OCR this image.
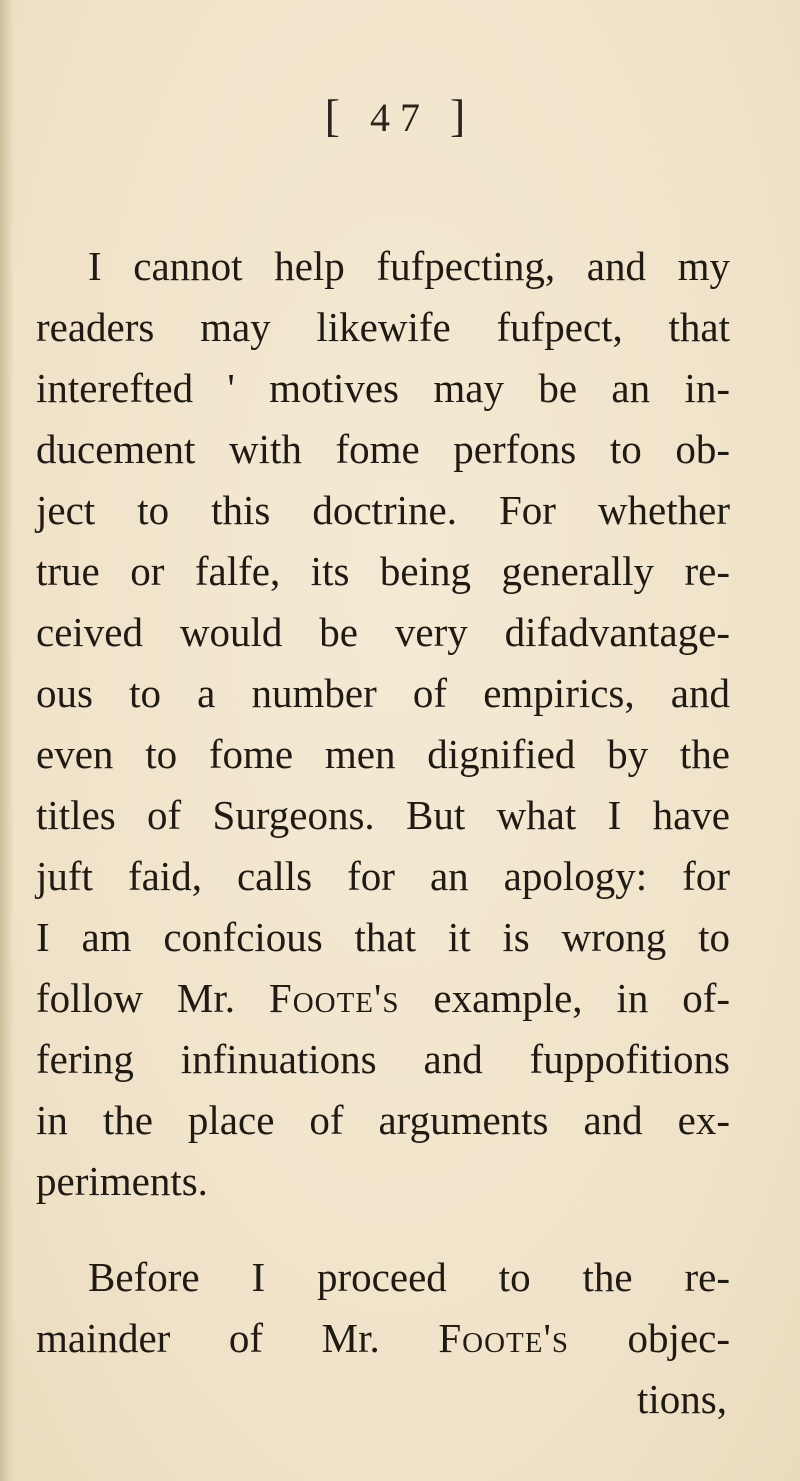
[ 47 ]
I cannot help fufpecting, and my
readers may likewife fufpect, that
interefted ' motives may be an in-
ducement with fome perfons to ob-
ject to this doctrine. For whether
true or falfe, its being generally re-
ceived would be very difadvantage-
ous to a number of empirics, and
even to fome men dignified by the
titles of Surgeons. But what I have
juft faid, calls for an apology: for
I am confcious that it is wrong to
follow Mr. Foote's example, in of-
fering infinuations and fuppofitions
in the place of arguments and ex-
periments.
Before I proceed to the re-
mainder of Mr. Foote's objec-
tions,
